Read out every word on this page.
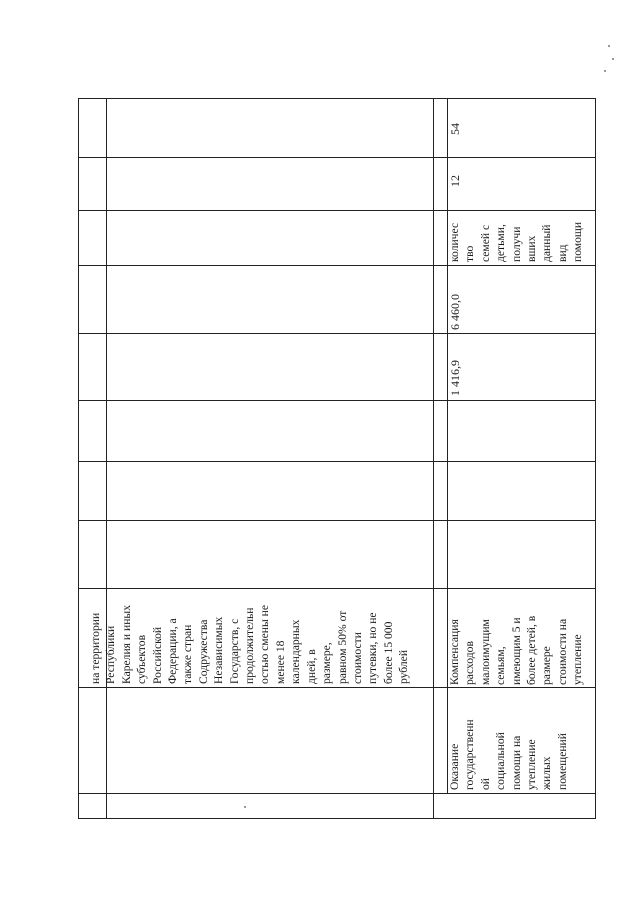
на территории
Республики
Карелия и иных
субъектов
Российской
Федерации, а
также стран
Содружества
Независимых
Государств, с
продолжительн
остью смены не
менее 18
календарных
дней, в
размере,
равном 50% от
стоимости
путевки, но не
более 15 000
рублей
Оказание
государственн
ой
социальной
помощи на
утепление
жилых
помещений
Компенсация
расходов
малоимущим
семьям,
имеющим 5 и
более детей, в
размере
стоимости на
утепление
1 416,9
6 460,0
количес
тво
семей с
детьми,
получи
вших
данный
вид
помощи
12
54
